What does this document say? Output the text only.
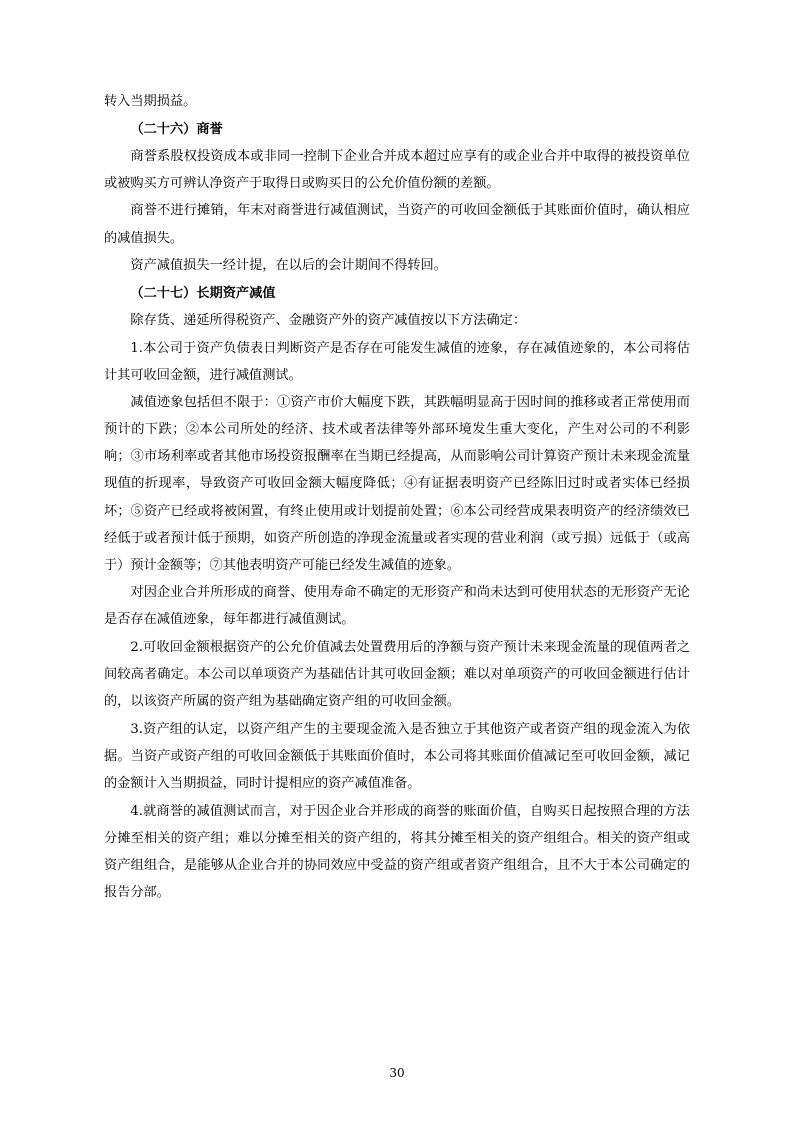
转入当期损益。

（二十六）商誉

商誉系股权投资成本或非同一控制下企业合并成本超过应享有的或企业合并中取得的被投资单位或被购买方可辨认净资产于取得日或购买日的公允价值份额的差额。

商誉不进行摊销，年末对商誉进行减值测试，当资产的可收回金额低于其账面价值时，确认相应的减值损失。

资产减值损失一经计提，在以后的会计期间不得转回。

（二十七）长期资产减值

除存货、递延所得税资产、金融资产外的资产减值按以下方法确定：

1.本公司于资产负债表日判断资产是否存在可能发生减值的迹象，存在减值迹象的，本公司将估计其可收回金额，进行减值测试。

减值迹象包括但不限于：①资产市价大幅度下跌，其跌幅明显高于因时间的推移或者正常使用而预计的下跌；②本公司所处的经济、技术或者法律等外部环境发生重大变化，产生对公司的不利影响；③市场利率或者其他市场投资报酬率在当期已经提高，从而影响公司计算资产预计未来现金流量现值的折现率，导致资产可收回金额大幅度降低；④有证据表明资产已经陈旧过时或者实体已经损坏；⑤资产已经或将被闲置，有终止使用或计划提前处置；⑥本公司经营成果表明资产的经济绩效已经低于或者预计低于预期，如资产所创造的净现金流量或者实现的营业利润（或亏损）远低于（或高于）预计金额等；⑦其他表明资产可能已经发生减值的迹象。

对因企业合并所形成的商誉、使用寿命不确定的无形资产和尚未达到可使用状态的无形资产无论是否存在减值迹象，每年都进行减值测试。

2.可收回金额根据资产的公允价值减去处置费用后的净额与资产预计未来现金流量的现值两者之间较高者确定。本公司以单项资产为基础估计其可收回金额；难以对单项资产的可收回金额进行估计的，以该资产所属的资产组为基础确定资产组的可收回金额。

3.资产组的认定，以资产组产生的主要现金流入是否独立于其他资产或者资产组的现金流入为依据。当资产或资产组的可收回金额低于其账面价值时，本公司将其账面价值减记至可收回金额，减记的金额计入当期损益，同时计提相应的资产减值准备。

4.就商誉的减值测试而言，对于因企业合并形成的商誉的账面价值，自购买日起按照合理的方法分摊至相关的资产组；难以分摊至相关的资产组的，将其分摊至相关的资产组组合。相关的资产组或资产组组合，是能够从企业合并的协同效应中受益的资产组或者资产组组合，且不大于本公司确定的报告分部。

30
